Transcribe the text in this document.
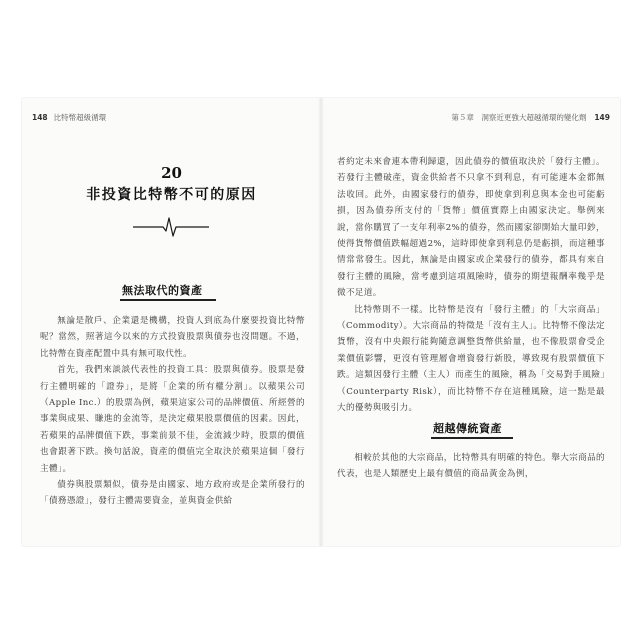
148 比特幣超級循環
20
非投資比特幣不可的原因
無法取代的資產

無論是散戶、企業還是機構，投資人到底為什麼要投資比特幣呢？當然，照著這今以來的方式投資股票與債券也沒問題。不過，比特幣在資產配置中具有無可取代性。

首先，我們來談談代表性的投資工具：股票與債券。股票是發行主體明確的「證券」，是將「企業的所有權分割」。以蘋果公司（Apple Inc.）的股票為例，蘋果這家公司的品牌價值、所經營的事業與成果、賺進的金流等，是決定蘋果股票價值的因素。因此，若蘋果的品牌價值下跌，事業前景不佳，金流減少時，股票的價值也會跟著下跌。換句話說，資產的價值完全取決於蘋果這個「發行主體」。

債券與股票類似，債券是由國家、地方政府或是企業所發行的「債務憑證」，發行主體需要資金，並與資金供給

第５章　洞察近更強大超越循環的變化劑 149

者約定未來會連本帶利歸還，因此債券的價值取決於「發行主體」。若發行主體破產，資金供給者不只拿不到利息，有可能連本金都無法收回。此外，由國家發行的債券，即使拿到利息與本金也可能虧損，因為債券所支付的「貨幣」價值實際上由國家決定。舉例來說，當你購買了一支年利率2%的債券，然而國家卻開始大量印鈔，使得貨幣價值跌幅超過2%，這時即使拿到利息仍是虧損，而這種事情常常發生。因此，無論是由國家或企業發行的債券，都具有來自發行主體的風險，當考慮到這項風險時，債券的期望報酬率幾乎是微不足道。

比特幣則不一樣。比特幣是沒有「發行主體」的「大宗商品」（Commodity）。大宗商品的特徵是「沒有主人」。比特幣不像法定貨幣，沒有中央銀行能夠隨意調整貨幣供給量，也不像股票會受企業價值影響，更沒有管理層會增資發行新股，導致現有股票價值下跌。這類因發行主體（主人）而產生的風險，稱為「交易對手風險」（Counterparty Risk），而比特幣不存在這種風險，這一點是最大的優勢與吸引力。

超越傳統資產

相較於其他的大宗商品，比特幣具有明確的特色。舉大宗商品的代表，也是人類歷史上最有價值的商品黃金為例，
